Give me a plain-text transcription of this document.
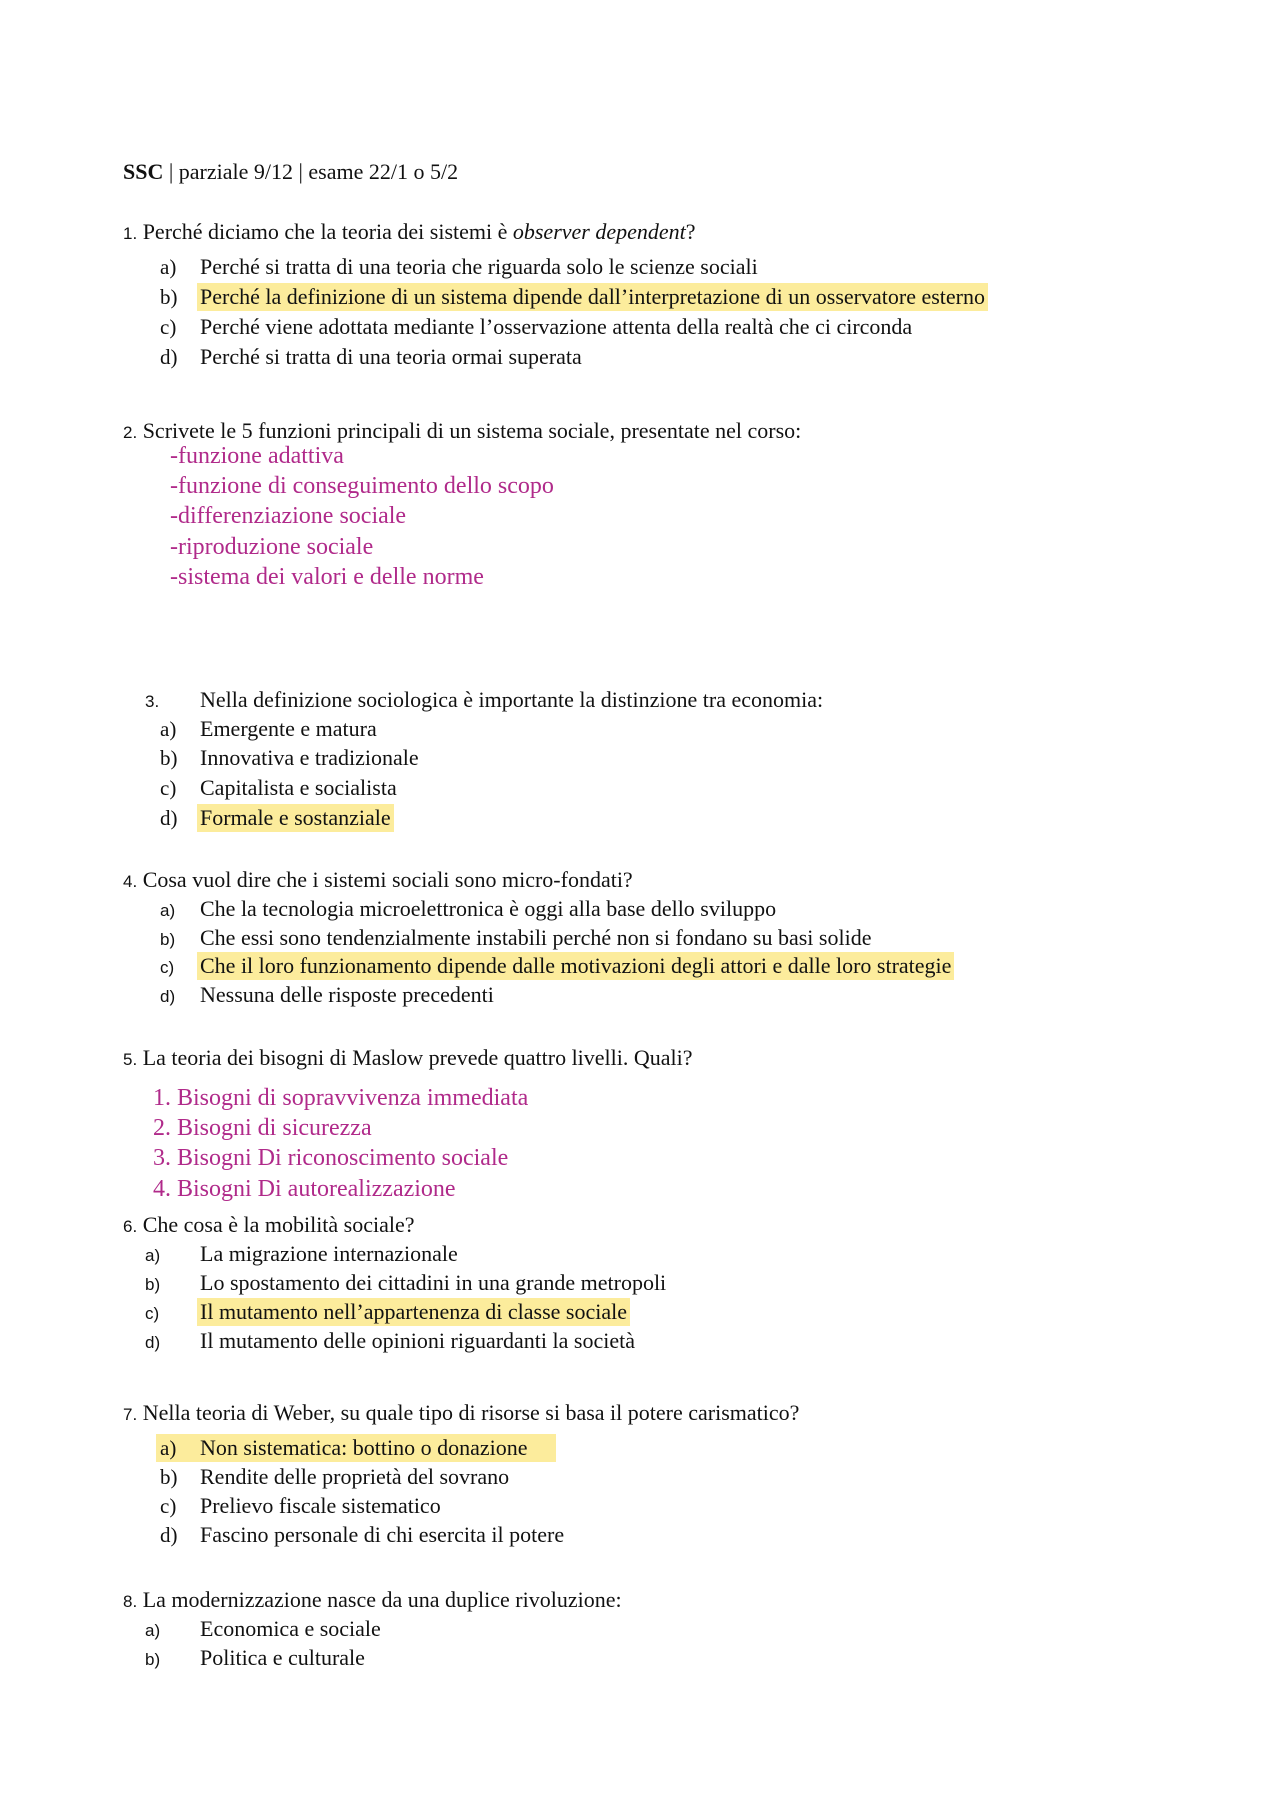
SSC | parziale 9/12 | esame 22/1 o 5/2
1. Perché diciamo che la teoria dei sistemi è observer dependent?
a) Perché si tratta di una teoria che riguarda solo le scienze sociali
b) Perché la definizione di un sistema dipende dall’interpretazione di un osservatore esterno
c) Perché viene adottata mediante l’osservazione attenta della realtà che ci circonda
d) Perché si tratta di una teoria ormai superata
2. Scrivete le 5 funzioni principali di un sistema sociale, presentate nel corso:
-funzione adattiva
-funzione di conseguimento dello scopo
-differenziazione sociale
-riproduzione sociale
-sistema dei valori e delle norme
3. Nella definizione sociologica è importante la distinzione tra economia:
a) Emergente e matura
b) Innovativa e tradizionale
c) Capitalista e socialista
d) Formale e sostanziale
4. Cosa vuol dire che i sistemi sociali sono micro-fondati?
a) Che la tecnologia microelettronica è oggi alla base dello sviluppo
b) Che essi sono tendenzialmente instabili perché non si fondano su basi solide
c) Che il loro funzionamento dipende dalle motivazioni degli attori e dalle loro strategie
d) Nessuna delle risposte precedenti
5. La teoria dei bisogni di Maslow prevede quattro livelli. Quali?
1. Bisogni di sopravvivenza immediata
2. Bisogni di sicurezza
3. Bisogni Di riconoscimento sociale
4. Bisogni Di autorealizzazione
6. Che cosa è la mobilità sociale?
a) La migrazione internazionale
b) Lo spostamento dei cittadini in una grande metropoli
c) Il mutamento nell’appartenenza di classe sociale
d) Il mutamento delle opinioni riguardanti la società
7. Nella teoria di Weber, su quale tipo di risorse si basa il potere carismatico?
a) Non sistematica: bottino o donazione
b) Rendite delle proprietà del sovrano
c) Prelievo fiscale sistematico
d) Fascino personale di chi esercita il potere
8. La modernizzazione nasce da una duplice rivoluzione:
a) Economica e sociale
b) Politica e culturale
